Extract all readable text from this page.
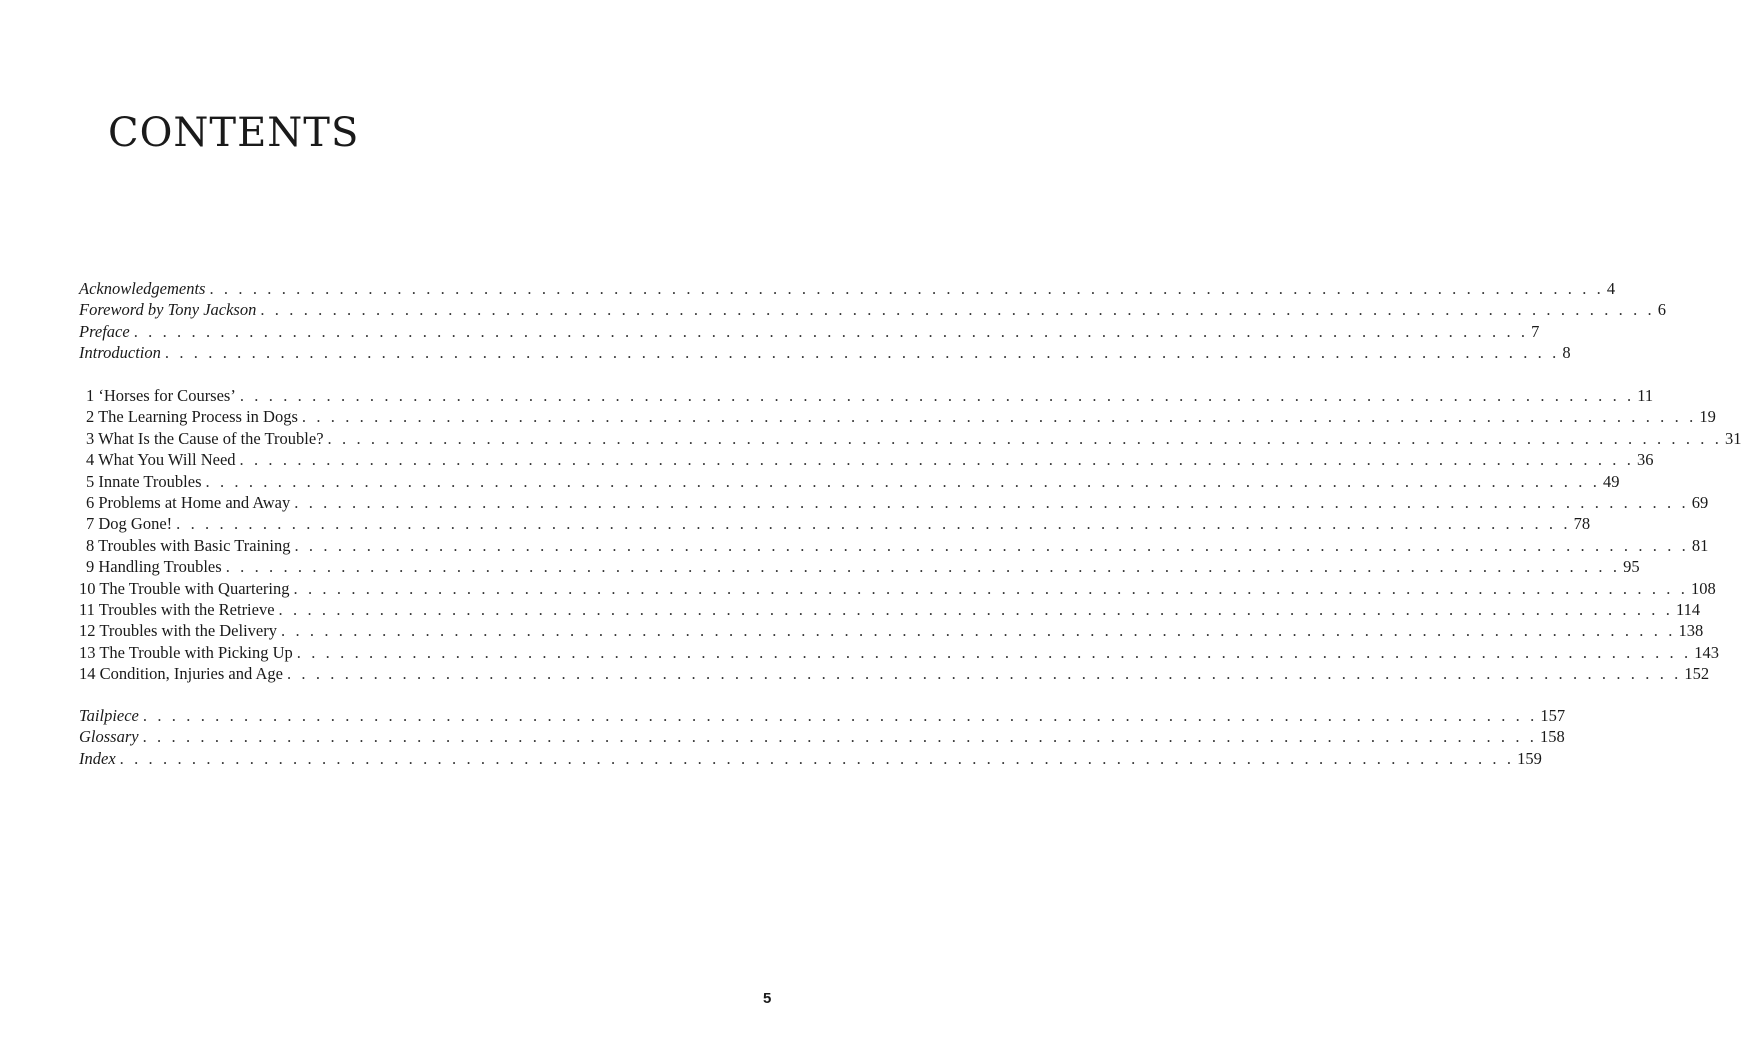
CONTENTS
Acknowledgements . . . . . . . . . . . . . . . . . . . . . . . . . . . . . . . . . . . . . . . . . . . . . . . . . . . . . . . . . . . . . . . . . . . . . . . . . . . . . . . . . . . . . . . . . . . . . . . . . 4
Foreword by Tony Jackson . . . . . . . . . . . . . . . . . . . . . . . . . . . . . . . . . . . . . . . . . . . . . . . . . . . . . . . . . . . . . . . . . . . . . . . . . . . . . . . . . . . . . . . . . . . . . . . . . 6
Preface . . . . . . . . . . . . . . . . . . . . . . . . . . . . . . . . . . . . . . . . . . . . . . . . . . . . . . . . . . . . . . . . . . . . . . . . . . . . . . . . . . . . . . . . . . . . . . . . . 7
Introduction . . . . . . . . . . . . . . . . . . . . . . . . . . . . . . . . . . . . . . . . . . . . . . . . . . . . . . . . . . . . . . . . . . . . . . . . . . . . . . . . . . . . . . . . . . . . . . . . . 8
1 ‘Horses for Courses’ . . . . . . . . . . . . . . . . . . . . . . . . . . . . . . . . . . . . . . . . . . . . . . . . . . . . . . . . . . . . . . . . . . . . . . . . . . . . . . . . . . . . . . . . . . . . . . . . . 11
2 The Learning Process in Dogs . . . . . . . . . . . . . . . . . . . . . . . . . . . . . . . . . . . . . . . . . . . . . . . . . . . . . . . . . . . . . . . . . . . . . . . . . . . . . . . . . . . . . . . . . . . . . . . . . 19
3 What Is the Cause of the Trouble? . . . . . . . . . . . . . . . . . . . . . . . . . . . . . . . . . . . . . . . . . . . . . . . . . . . . . . . . . . . . . . . . . . . . . . . . . . . . . . . . . . . . . . . . . . . . . . . . . 31
4 What You Will Need . . . . . . . . . . . . . . . . . . . . . . . . . . . . . . . . . . . . . . . . . . . . . . . . . . . . . . . . . . . . . . . . . . . . . . . . . . . . . . . . . . . . . . . . . . . . . . . . . 36
5 Innate Troubles . . . . . . . . . . . . . . . . . . . . . . . . . . . . . . . . . . . . . . . . . . . . . . . . . . . . . . . . . . . . . . . . . . . . . . . . . . . . . . . . . . . . . . . . . . . . . . . . . 49
6 Problems at Home and Away . . . . . . . . . . . . . . . . . . . . . . . . . . . . . . . . . . . . . . . . . . . . . . . . . . . . . . . . . . . . . . . . . . . . . . . . . . . . . . . . . . . . . . . . . . . . . . . . . 69
7 Dog Gone! . . . . . . . . . . . . . . . . . . . . . . . . . . . . . . . . . . . . . . . . . . . . . . . . . . . . . . . . . . . . . . . . . . . . . . . . . . . . . . . . . . . . . . . . . . . . . . . . . 78
8 Troubles with Basic Training . . . . . . . . . . . . . . . . . . . . . . . . . . . . . . . . . . . . . . . . . . . . . . . . . . . . . . . . . . . . . . . . . . . . . . . . . . . . . . . . . . . . . . . . . . . . . . . . . 81
9 Handling Troubles . . . . . . . . . . . . . . . . . . . . . . . . . . . . . . . . . . . . . . . . . . . . . . . . . . . . . . . . . . . . . . . . . . . . . . . . . . . . . . . . . . . . . . . . . . . . . . . . . 95
10 The Trouble with Quartering . . . . . . . . . . . . . . . . . . . . . . . . . . . . . . . . . . . . . . . . . . . . . . . . . . . . . . . . . . . . . . . . . . . . . . . . . . . . . . . . . . . . . . . . . . . . . . . . . 108
11 Troubles with the Retrieve . . . . . . . . . . . . . . . . . . . . . . . . . . . . . . . . . . . . . . . . . . . . . . . . . . . . . . . . . . . . . . . . . . . . . . . . . . . . . . . . . . . . . . . . . . . . . . . . . 114
12 Troubles with the Delivery . . . . . . . . . . . . . . . . . . . . . . . . . . . . . . . . . . . . . . . . . . . . . . . . . . . . . . . . . . . . . . . . . . . . . . . . . . . . . . . . . . . . . . . . . . . . . . . . . 138
13 The Trouble with Picking Up . . . . . . . . . . . . . . . . . . . . . . . . . . . . . . . . . . . . . . . . . . . . . . . . . . . . . . . . . . . . . . . . . . . . . . . . . . . . . . . . . . . . . . . . . . . . . . . . . 143
14 Condition, Injuries and Age . . . . . . . . . . . . . . . . . . . . . . . . . . . . . . . . . . . . . . . . . . . . . . . . . . . . . . . . . . . . . . . . . . . . . . . . . . . . . . . . . . . . . . . . . . . . . . . . . 152
Tailpiece . . . . . . . . . . . . . . . . . . . . . . . . . . . . . . . . . . . . . . . . . . . . . . . . . . . . . . . . . . . . . . . . . . . . . . . . . . . . . . . . . . . . . . . . . . . . . . . . . 157
Glossary . . . . . . . . . . . . . . . . . . . . . . . . . . . . . . . . . . . . . . . . . . . . . . . . . . . . . . . . . . . . . . . . . . . . . . . . . . . . . . . . . . . . . . . . . . . . . . . . . 158
Index . . . . . . . . . . . . . . . . . . . . . . . . . . . . . . . . . . . . . . . . . . . . . . . . . . . . . . . . . . . . . . . . . . . . . . . . . . . . . . . . . . . . . . . . . . . . . . . . . 159
5
